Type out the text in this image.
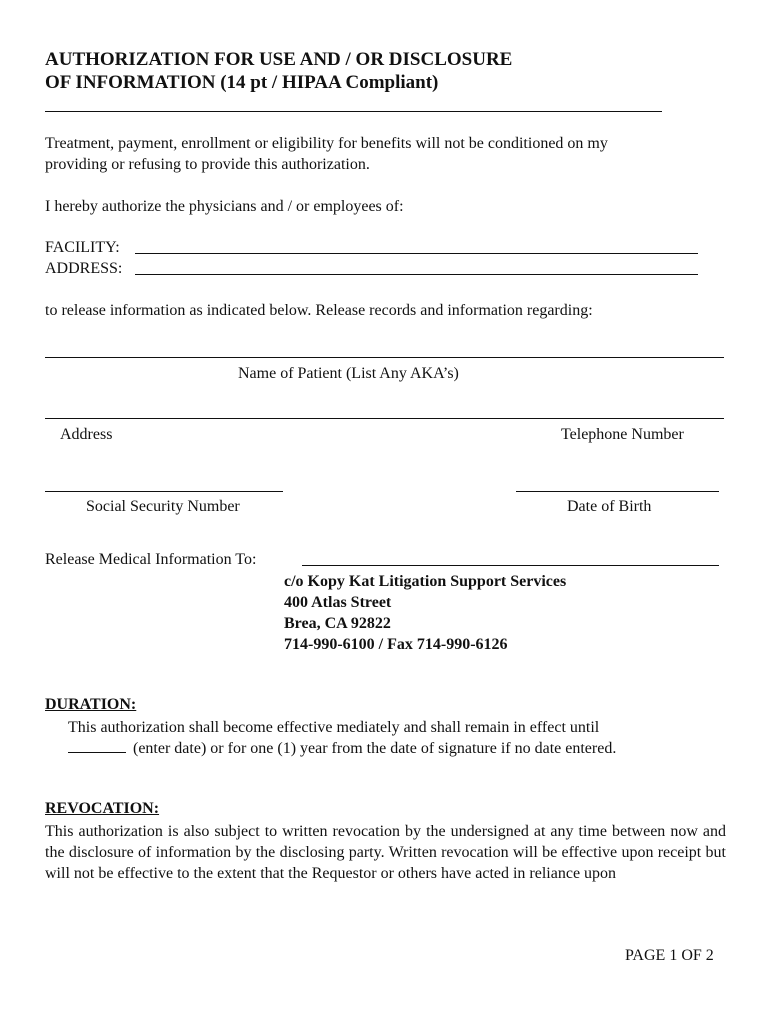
AUTHORIZATION FOR USE AND / OR DISCLOSURE
OF INFORMATION (14 pt / HIPAA Compliant)
Treatment, payment, enrollment or eligibility for benefits will not be conditioned on my
providing or refusing to provide this authorization.
I hereby authorize the physicians and / or employees of:
FACILITY:
ADDRESS:
to release information as indicated below. Release records and information regarding:
Name of Patient (List Any AKA’s)
Address	Telephone Number
Social Security Number	Date of Birth
Release Medical Information To:
c/o Kopy Kat Litigation Support Services
400 Atlas Street
Brea, CA 92822
714-990-6100 / Fax 714-990-6126
DURATION:
This authorization shall become effective mediately and shall remain in effect until
(enter date) or for one (1) year from the date of signature if no date entered.
REVOCATION:
This authorization is also subject to written revocation by the undersigned at any time between now and the disclosure of information by the disclosing party. Written revocation will be effective upon receipt but will not be effective to the extent that the Requestor or others have acted in reliance upon
PAGE 1 OF 2
